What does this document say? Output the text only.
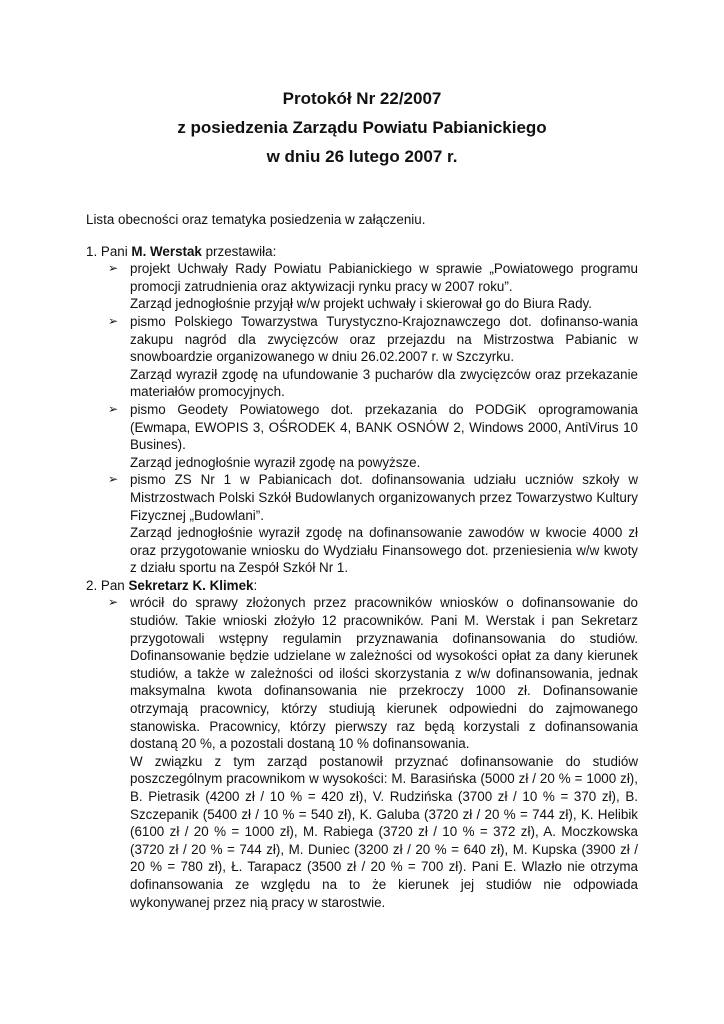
Protokół Nr 22/2007
z posiedzenia Zarządu Powiatu Pabianickiego
w dniu 26 lutego 2007 r.
Lista obecności oraz tematyka posiedzenia w załączeniu.
1. Pani M. Werstak przestawiła:
➢ projekt Uchwały Rady Powiatu Pabianickiego w sprawie „Powiatowego programu promocji zatrudnienia oraz aktywizacji rynku pracy w 2007 roku”.
Zarząd jednogłośnie przyjął w/w projekt uchwały i skierował go do Biura Rady.
➢ pismo Polskiego Towarzystwa Turystyczno-Krajoznawczego dot. dofinanso-wania zakupu nagród dla zwycięzców oraz przejazdu na Mistrzostwa Pabianic w snowboardzie organizowanego w dniu 26.02.2007 r. w Szczyrku.
Zarząd wyraził zgodę na ufundowanie 3 pucharów dla zwycięzców oraz przekazanie materiałów promocyjnych.
➢ pismo Geodety Powiatowego dot. przekazania do PODGiK oprogramowania (Ewmapa, EWOPIS 3, OŚRODEK 4, BANK OSNÓW 2, Windows 2000, AntiVirus 10 Busines).
Zarząd jednogłośnie wyraził zgodę na powyższe.
➢ pismo ZS Nr 1 w Pabianicach dot. dofinansowania udziału uczniów szkoły w Mistrzostwach Polski Szkół Budowlanych organizowanych przez Towarzystwo Kultury Fizycznej „Budowlani”.
Zarząd jednogłośnie wyraził zgodę na dofinansowanie zawodów w kwocie 4000 zł oraz przygotowanie wniosku do Wydziału Finansowego dot. przeniesienia w/w kwoty z działu sportu na Zespół Szkół Nr 1.
2. Pan Sekretarz K. Klimek:
➢ wrócił do sprawy złożonych przez pracowników wniosków o dofinansowanie do studiów. Takie wnioski złożyło 12 pracowników. Pani M. Werstak i pan Sekretarz przygotowali wstępny regulamin przyznawania dofinansowania do studiów. Dofinansowanie będzie udzielane w zależności od wysokości opłat za dany kierunek studiów, a także w zależności od ilości skorzystania z w/w dofinansowania, jednak maksymalna kwota dofinansowania nie przekroczy 1000 zł. Dofinansowanie otrzymają pracownicy, którzy studiują kierunek odpowiedni do zajmowanego stanowiska. Pracownicy, którzy pierwszy raz będą korzystali z dofinansowania dostaną 20 %, a pozostali dostaną 10 % dofinansowania.
W związku z tym zarząd postanowił przyznać dofinansowanie do studiów poszczególnym pracownikom w wysokości: M. Barasińska (5000 zł / 20 % = 1000 zł), B. Pietrasik (4200 zł / 10 % = 420 zł), V. Rudzińska (3700 zł / 10 % = 370 zł), B. Szczepanik (5400 zł / 10 % = 540 zł), K. Galuba (3720 zł / 20 % = 744 zł), K. Helibik (6100 zł / 20 % = 1000 zł), M. Rabiega (3720 zł / 10 % = 372 zł), A. Moczkowska (3720 zł / 20 % = 744 zł), M. Duniec (3200 zł / 20 % = 640 zł), M. Kupska (3900 zł / 20 % = 780 zł), Ł. Tarapacz (3500 zł / 20 % = 700 zł). Pani E. Wlazło nie otrzyma dofinansowania ze względu na to że kierunek jej studiów nie odpowiada wykonywanej przez nią pracy w starostwie.
